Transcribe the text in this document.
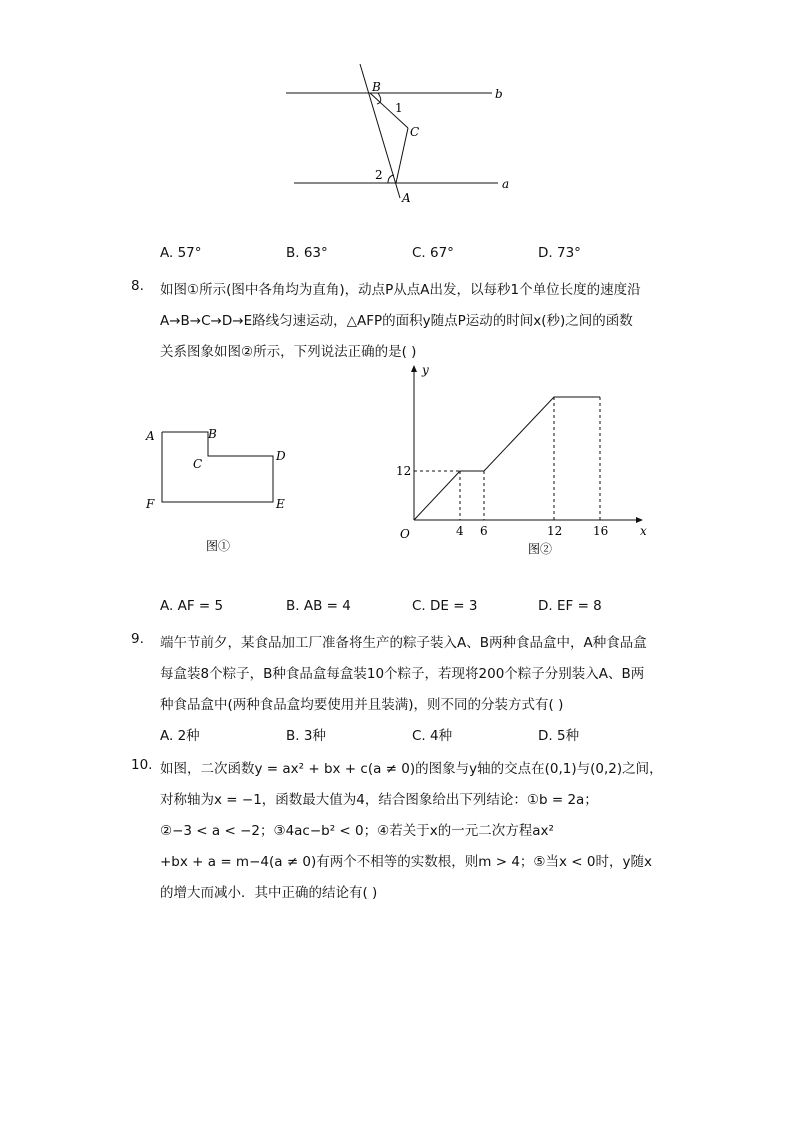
b
a
B
C
A
1
2
A. 57°	B. 63°	C. 67°	D. 73°
8. 如图①所示(图中各角均为直角)，动点P从点A出发，以每秒1个单位长度的速度沿
A→B→C→D→E路线匀速运动，△AFP的面积y随点P运动的时间x(秒)之间的函数
关系图象如图②所示，下列说法正确的是( )
A	B
C
D
E
F
图①
y
x
O
12
4 6	12	16
图②
A. AF = 5	B. AB = 4	C. DE = 3	D. EF = 8
9. 端午节前夕，某食品加工厂准备将生产的粽子装入A、B两种食品盒中，A种食品盒
每盒装8个粽子，B种食品盒每盒装10个粽子，若现将200个粽子分别装入A、B两
种食品盒中(两种食品盒均要使用并且装满)，则不同的分装方式有( )
A. 2种	B. 3种	C. 4种	D. 5种
10. 如图，二次函数y = ax² + bx + c(a ≠ 0)的图象与y轴的交点在(0,1)与(0,2)之间，
对称轴为x = −1，函数最大值为4，结合图象给出下列结论：①b = 2a；
②−3 < a < −2；③4ac−b² < 0；④若关于x的一元二次方程ax²
+bx + a = m−4(a ≠ 0)有两个不相等的实数根，则m > 4；⑤当x < 0时，y随x
的增大而减小．其中正确的结论有( )
